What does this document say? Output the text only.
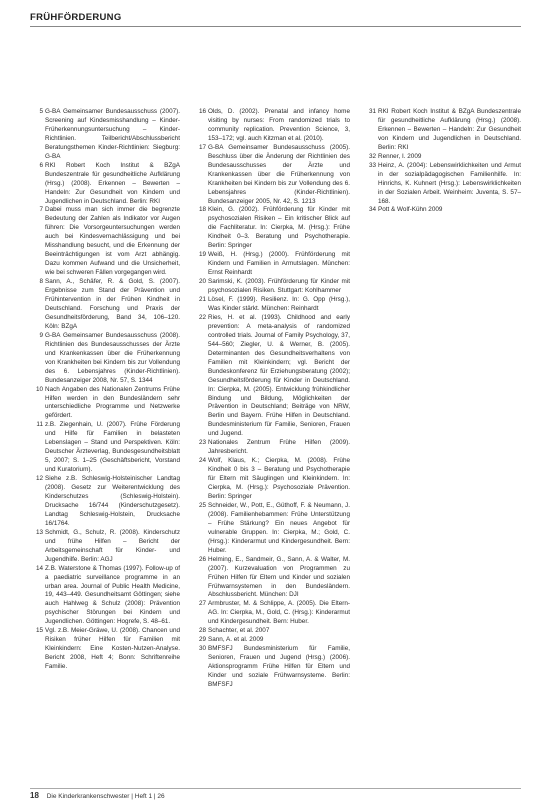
FRÜHFÖRDERUNG
5 G-BA Gemeinsamer Bundesausschuss (2007). Screening auf Kindesmisshandlung – Kinder-Früherkennungsuntersuchung – Kinder-Richtlinien. Teilbericht/Abschlussbericht Beratungsthemen Kinder-Richtlinien: Siegburg: G-BA
6 RKI Robert Koch Institut & BZgA Bundeszentrale für gesundheitliche Aufklärung (Hrsg.) (2008). Erkennen – Bewerten – Handeln: Zur Gesundheit von Kindern und Jugendlichen in Deutschland. Berlin: RKI
7 Dabei muss man sich immer die begrenzte Bedeutung der Zahlen als Indikator vor Augen führen: Die Vorsorgeuntersuchungen werden auch bei Kindesvernachlässigung und bei Misshandlung besucht, und die Erkennung der Beeinträchtigungen ist vom Arzt abhängig. Dazu kommen Aufwand und die Unsicherheit, wie bei schweren Fällen vorgegangen wird.
8 Sann, A., Schäfer, R. & Gold, S. (2007). Ergebnisse zum Stand der Prävention und Frühintervention in der Frühen Kindheit in Deutschland. Forschung und Praxis der Gesundheitsförderung, Band 34, 106–120. Köln: BZgA
9 G-BA Gemeinsamer Bundesausschuss (2008). Richtlinien des Bundesausschusses der Ärzte und Krankenkassen über die Früherkennung von Krankheiten bei Kindern bis zur Vollendung des 6. Lebensjahres (Kinder-Richtlinien). Bundesanzeiger 2008, Nr. 57, S. 1344
10 Nach Angaben des Nationalen Zentrums Frühe Hilfen werden in den Bundesländern sehr unterschiedliche Programme und Netzwerke gefördert.
11 z.B. Ziegenhain, U. (2007). Frühe Förderung und Hilfe für Familien in belasteten Lebenslagen – Stand und Perspektiven. Köln: Deutscher Ärzteverlag, Bundesgesundheitsblatt 5, 2007; S. 1–25 (Geschäftsbericht, Vorstand und Kuratorium).
12 Siehe z.B. Schleswig-Holsteinischer Landtag (2008). Gesetz zur Weiterentwicklung des Kinderschutzes (Schleswig-Holstein). Drucksache 16/744 (Kinderschutzgesetz). Landtag Schleswig-Holstein, Drucksache 16/1764.
13 Schmidt, G., Schulz, R. (2008). Kinderschutz und frühe Hilfen – Bericht der Arbeitsgemeinschaft für Kinder- und Jugendhilfe. Berlin: AGJ
14 Z.B. Waterstone & Thomas (1997). Follow-up of a paediatric surveillance programme in an urban area. Journal of Public Health Medicine, 19, 443–449. Gesundheitsamt Göttingen; siehe auch Hahlweg & Schulz (2008): Prävention psychischer Störungen bei Kindern und Jugendlichen. Göttingen: Hogrefe, S. 48–61.
15 Vgl. z.B. Meier-Gräwe, U. (2008). Chancen und Risiken früher Hilfen für Familien mit Kleinkindern: Eine Kosten-Nutzen-Analyse. Bericht 2008, Heft 4; Bonn: Schriftenreihe Familie.
16 Olds, D. (2002). Prenatal and infancy home visiting by nurses: From randomized trials to community replication. Prevention Science, 3, 153–172; vgl. auch Kitzman et al. (2010).
17 G-BA Gemeinsamer Bundesausschuss (2005). Beschluss über die Änderung der Richtlinien des Bundesausschusses der Ärzte und Krankenkassen über die Früherkennung von Krankheiten bei Kindern bis zur Vollendung des 6. Lebensjahres (Kinder-Richtlinien). Bundesanzeiger 2005, Nr. 42, S. 1213
18 Klein, G. (2002). Frühförderung für Kinder mit psychosozialen Risiken – Ein kritischer Blick auf die Fachliteratur. In: Cierpka, M. (Hrsg.): Frühe Kindheit 0–3. Beratung und Psychotherapie. Berlin: Springer
19 Weiß, H. (Hrsg.) (2000). Frühförderung mit Kindern und Familien in Armutslagen. München: Ernst Reinhardt
20 Sarimski, K. (2003). Frühförderung für Kinder mit psychosozialen Risiken. Stuttgart: Kohlhammer
21 Lösel, F. (1999). Resilienz. In: G. Opp (Hrsg.), Was Kinder stärkt. München: Reinhardt
22 Ries, H. et al. (1993). Childhood and early prevention: A meta-analysis of randomized controlled trials. Journal of Family Psychology, 37, 544–560; Ziegler, U. & Werner, B. (2005). Determinanten des Gesundheitsverhaltens von Familien mit Kleinkindern; vgl. Bericht der Bundeskonferenz für Erziehungsberatung (2002); Gesundheitsförderung für Kinder in Deutschland. In: Cierpka, M. (2005). Entwicklung frühkindlicher Bindung und Bildung, Möglichkeiten der Prävention in Deutschland; Beiträge von NRW, Berlin und Bayern. Frühe Hilfen in Deutschland. Bundesministerium für Familie, Senioren, Frauen und Jugend.
23 Nationales Zentrum Frühe Hilfen (2009). Jahresbericht.
24 Wolf, Klaus, K.; Cierpka, M. (2008). Frühe Kindheit 0 bis 3 – Beratung und Psychotherapie für Eltern mit Säuglingen und Kleinkindern. In: Cierpka, M. (Hrsg.): Psychosoziale Prävention. Berlin: Springer
25 Schneider, W., Pott, E., Güthoff, F. & Neumann, J. (2008). Familienhebammen: Frühe Unterstützung – Frühe Stärkung? Ein neues Angebot für vulnerable Gruppen. In: Cierpka, M.; Gold, C. (Hrsg.): Kinderarmut und Kindergesundheit. Bern: Huber.
26 Helming, E., Sandmeir, G., Sann, A. & Walter, M. (2007). Kurzevaluation von Programmen zu Frühen Hilfen für Eltern und Kinder und sozialen Frühwarnsystemen in den Bundesländern. Abschlussbericht. München: DJI
27 Armbruster, M. & Schlippe, A. (2005). Die Eltern-AG. In: Cierpka, M., Gold, C. (Hrsg.): Kinderarmut und Kindergesundheit. Bern: Huber.
28 Schachter, et al. 2007
29 Sann, A. et al. 2009
30 BMFSFJ Bundesministerium für Familie, Senioren, Frauen und Jugend (Hrsg.) (2006). Aktionsprogramm Frühe Hilfen für Eltern und Kinder und soziale Frühwarnsysteme. Berlin: BMFSFJ
31 RKI Robert Koch Institut & BZgA Bundeszentrale für gesundheitliche Aufklärung (Hrsg.) (2008). Erkennen – Bewerten – Handeln: Zur Gesundheit von Kindern und Jugendlichen in Deutschland. Berlin: RKI
32 Renner, I. 2009
33 Heinz, A. (2004): Lebenswirklichkeiten und Armut in der sozialpädagogischen Familienhilfe. In: Hinrichs, K. Kuhnert (Hrsg.): Lebenswirklichkeiten in der Sozialen Arbeit. Weinheim: Juventa, S. 57–168.
34 Pott & Wolf-Kühn 2009
18 Die Kinderkrankenschwester | Heft 1 | 26
